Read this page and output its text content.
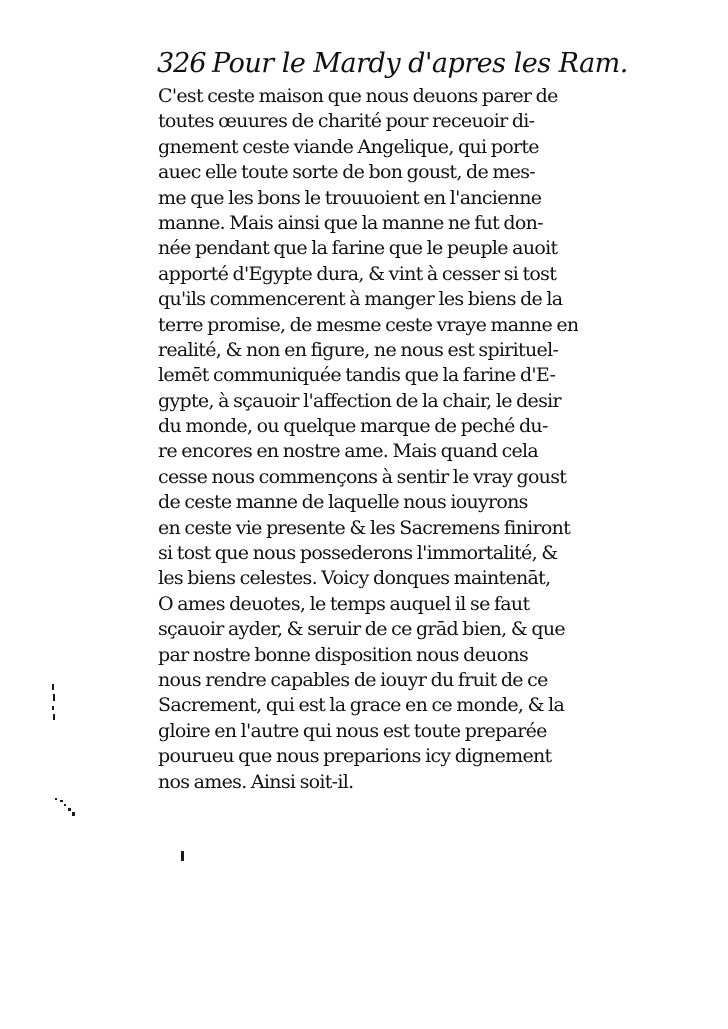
326 Pour le Mardy d'apres les Ram.
C'est ceste maison que nous deuons parer de
toutes œuures de charité pour receuoir di-
gnement ceste viande Angelique, qui porte
auec elle toute sorte de bon goust, de mes-
me que les bons le trouuoient en l'ancienne
manne. Mais ainsi que la manne ne fut don-
née pendant que la farine que le peuple auoit
apporté d'Egypte dura, & vint à cesser si tost
qu'ils commencerent à manger les biens de la
terre promise, de mesme ceste vraye manne en
realité, & non en figure, ne nous est spirituel-
lemēt communiquée tandis que la farine d'E-
gypte, à sçauoir l'affection de la chair, le desir
du monde, ou quelque marque de peché du-
re encores en nostre ame. Mais quand cela
cesse nous commençons à sentir le vray goust
de ceste manne de laquelle nous iouyrons
en ceste vie presente & les Sacremens finiront
si tost que nous possederons l'immortalité, &
les biens celestes. Voicy donques maintenāt,
O ames deuotes, le temps auquel il se faut
sçauoir ayder, & seruir de ce grād bien, & que
par nostre bonne disposition nous deuons
nous rendre capables de iouyr du fruit de ce
Sacrement, qui est la grace en ce monde, & la
gloire en l'autre qui nous est toute preparée
pourueu que nous preparions icy dignement
nos ames. Ainsi soit-il.
